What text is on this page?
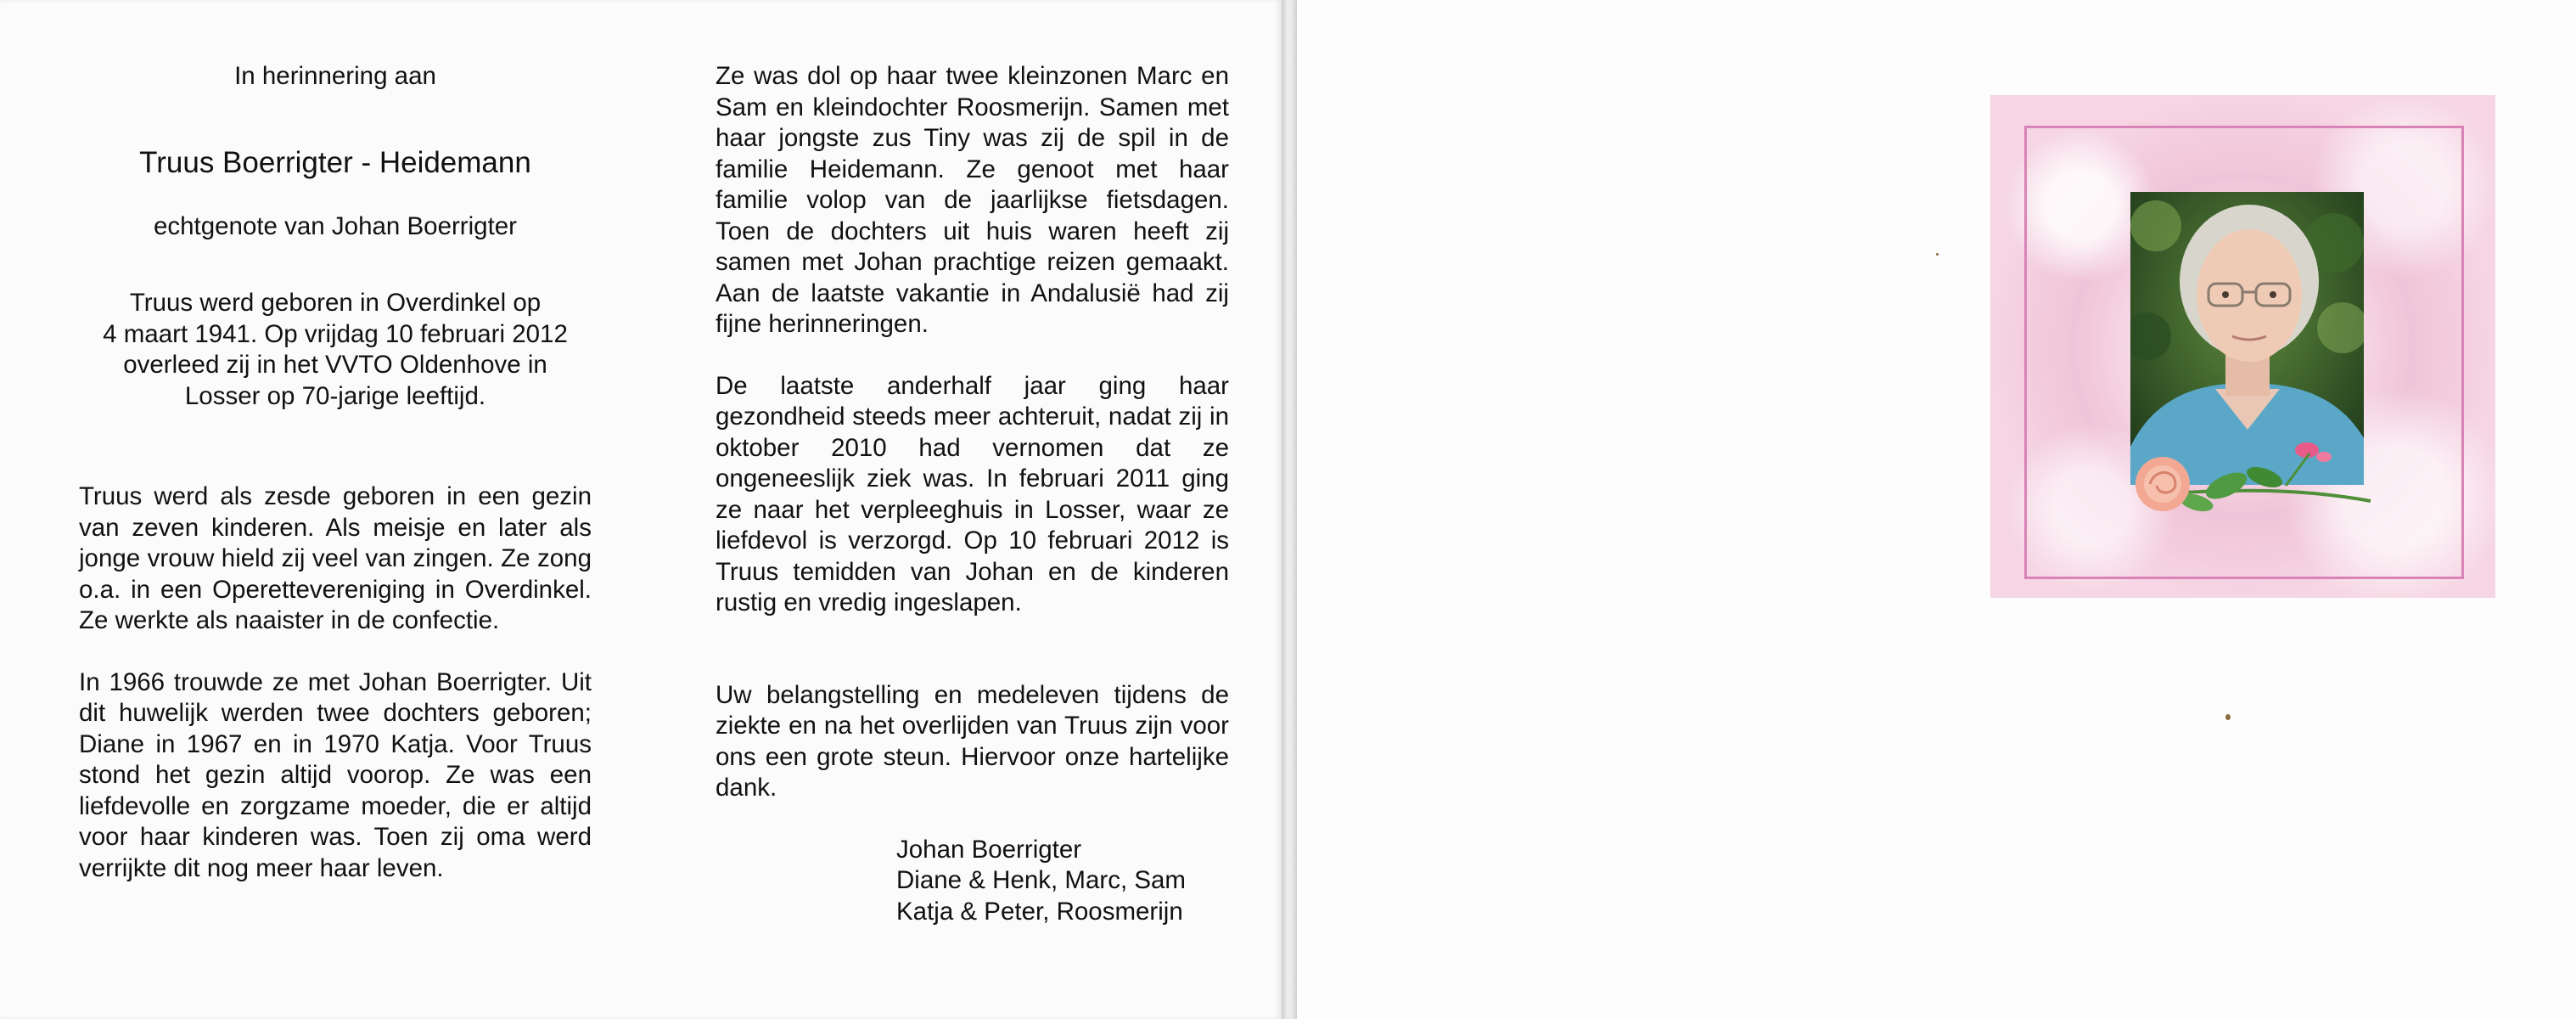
In herinnering aan

Truus Boerrigter - Heidemann

echtgenote van Johan Boerrigter

Truus werd geboren in Overdinkel op
4 maart 1941. Op vrijdag 10 februari 2012
overleed zij in het VVTO Oldenhove in
Losser op 70-jarige leeftijd.

Truus werd als zesde geboren in een gezin van zeven kinderen. Als meisje en later als jonge vrouw hield zij veel van zingen. Ze zong o.a. in een Operettevereniging in Overdinkel. Ze werkte als naaister in de confectie.

In 1966 trouwde ze met Johan Boerrigter. Uit dit huwelijk werden twee dochters geboren; Diane in 1967 en in 1970 Katja. Voor Truus stond het gezin altijd voorop. Ze was een liefdevolle en zorgzame moeder, die er altijd voor haar kinderen was. Toen zij oma werd verrijkte dit nog meer haar leven.

Ze was dol op haar twee kleinzonen Marc en Sam en kleindochter Roosmerijn. Samen met haar jongste zus Tiny was zij de spil in de familie Heidemann. Ze genoot met haar familie volop van de jaarlijkse fietsdagen. Toen de dochters uit huis waren heeft zij samen met Johan prachtige reizen gemaakt. Aan de laatste vakantie in Andalusië had zij fijne herinneringen.

De laatste anderhalf jaar ging haar gezondheid steeds meer achteruit, nadat zij in oktober 2010 had vernomen dat ze ongeneeslijk ziek was. In februari 2011 ging ze naar het verpleeghuis in Losser, waar ze liefdevol is verzorgd. Op 10 februari 2012 is Truus temidden van Johan en de kinderen rustig en vredig ingeslapen.

Uw belangstelling en medeleven tijdens de ziekte en na het overlijden van Truus zijn voor ons een grote steun. Hiervoor onze hartelijke dank.

Johan Boerrigter
Diane & Henk, Marc, Sam
Katja & Peter, Roosmerijn
